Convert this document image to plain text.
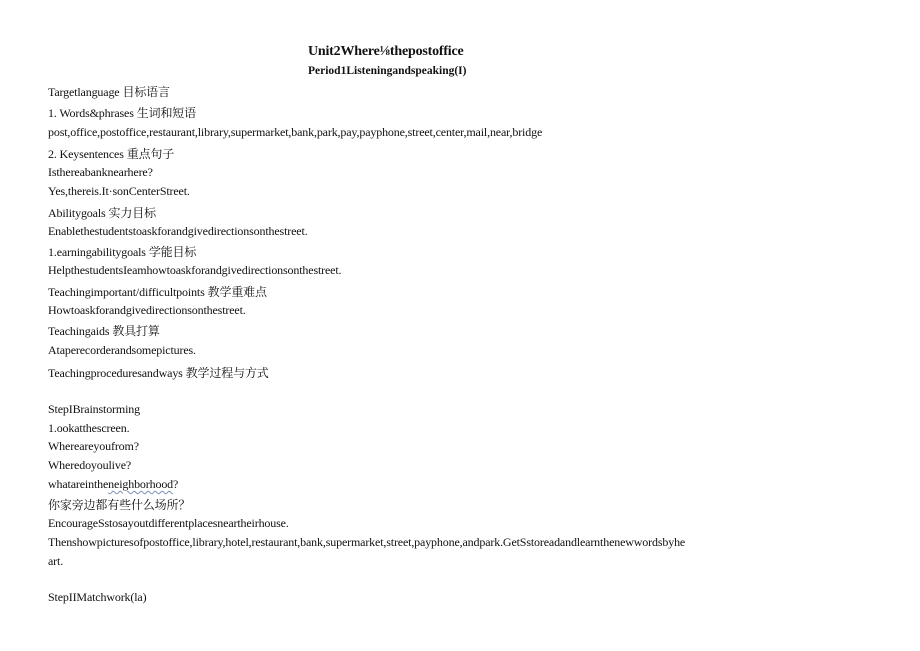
Unit2Where⅛thepostoffice
Period1Listeningandspeaking(I)
Targetlanguage 目标语言
1. Words&phrases 生词和短语
post,office,postoffice,restaurant,library,supermarket,bank,park,pay,payphone,street,center,mail,near,bridge
2. Keysentences 重点句子
Isthereabanknearhere?
Yes,thereis.It·sonCenterStreet.
Abilitygoals 实力目标
Enablethestudentstoaskforandgivedirectionsonthestreet.
1.earningabilitygoals 学能目标
HelpthestudentsIeamhowtoaskforandgivedirectionsonthestreet.
Teachingimportant/difficultpoints 教学重难点
Howtoaskforandgivedirectionsonthestreet.
Teachingaids 教具打算
Ataperecorderandsomepictures.
Teachingproceduresandways 教学过程与方式
StepIBrainstorming
1.ookatthescreen.
Whereareyoufrom?
Wheredoyoulive?
whatareintheneighborhood?
你家旁边都有些什么场所？
EncourageSstosayoutdifferentplacesneartheirhouse.
Thenshowpicturesofpostoffice,library,hotel,restaurant,bank,supermarket,street,payphone,andpark.GetSstoreadandlearnthenewwordsbyhe
art.
StepIIMatchwork(la)
